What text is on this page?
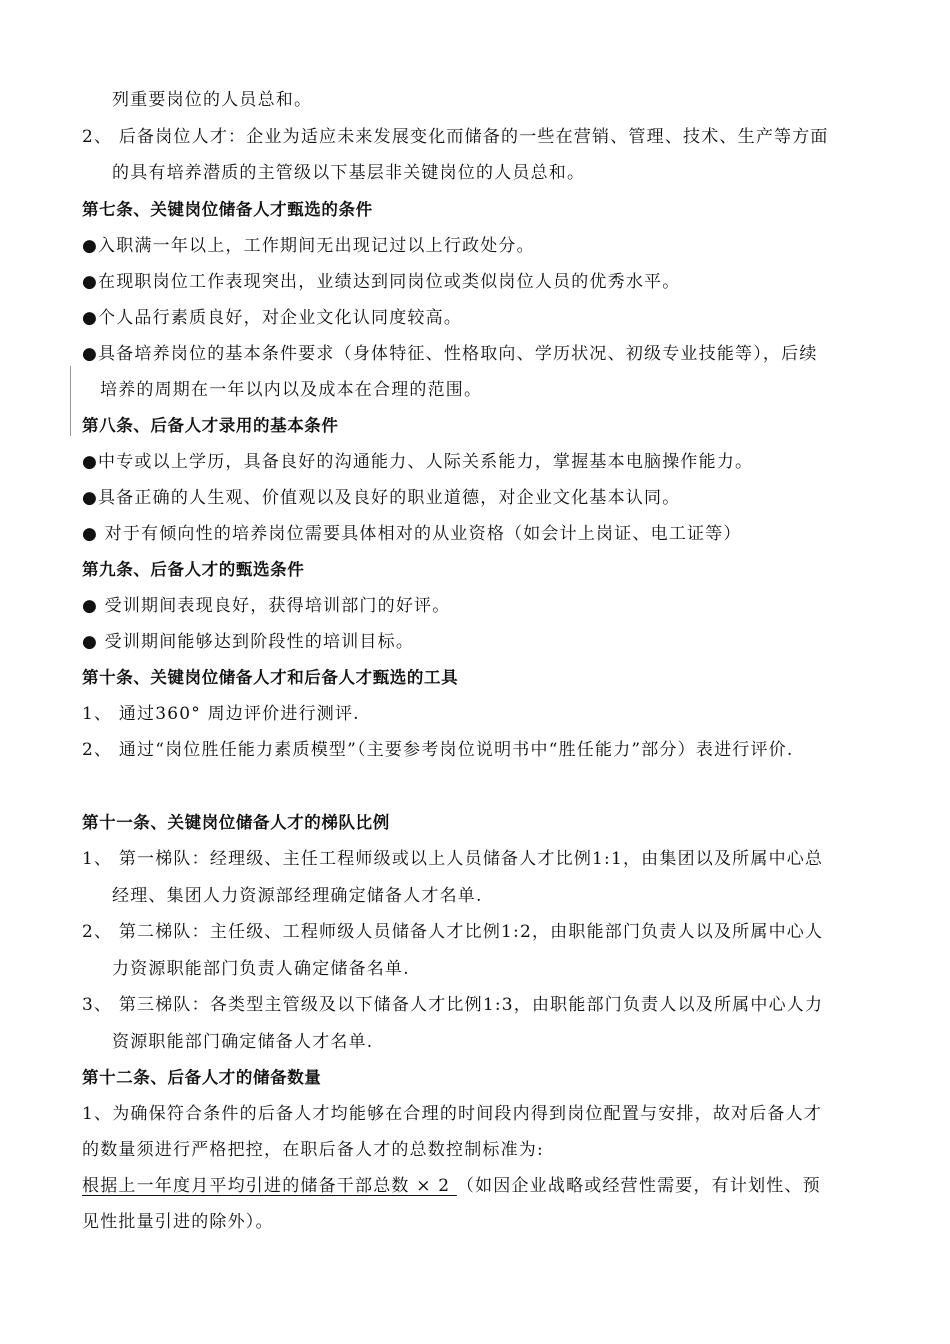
列重要岗位的人员总和。
2、 后备岗位人才：企业为适应未来发展变化而储备的一些在营销、管理、技术、生产等方面
的具有培养潜质的主管级以下基层非关键岗位的人员总和。
第七条、关键岗位储备人才甄选的条件
●入职满一年以上，工作期间无出现记过以上行政处分。
●在现职岗位工作表现突出，业绩达到同岗位或类似岗位人员的优秀水平。
●个人品行素质良好，对企业文化认同度较高。
●具备培养岗位的基本条件要求（身体特征、性格取向、学历状况、初级专业技能等），后续
培养的周期在一年以内以及成本在合理的范围。
第八条、后备人才录用的基本条件
●中专或以上学历，具备良好的沟通能力、人际关系能力，掌握基本电脑操作能力。
●具备正确的人生观、价值观以及良好的职业道德，对企业文化基本认同。
● 对于有倾向性的培养岗位需要具体相对的从业资格（如会计上岗证、电工证等）
第九条、后备人才的甄选条件
● 受训期间表现良好，获得培训部门的好评。
● 受训期间能够达到阶段性的培训目标。
第十条、关键岗位储备人才和后备人才甄选的工具
1、 通过360° 周边评价进行测评.
2、 通过“岗位胜任能力素质模型”（主要参考岗位说明书中“胜任能力”部分）表进行评价.
第十一条、关键岗位储备人才的梯队比例
1、 第一梯队：经理级、主任工程师级或以上人员储备人才比例1:1，由集团以及所属中心总
经理、集团人力资源部经理确定储备人才名单.
2、 第二梯队：主任级、工程师级人员储备人才比例1:2，由职能部门负责人以及所属中心人
力资源职能部门负责人确定储备名单.
3、 第三梯队：各类型主管级及以下储备人才比例1:3，由职能部门负责人以及所属中心人力
资源职能部门确定储备人才名单.
第十二条、后备人才的储备数量
1、为确保符合条件的后备人才均能够在合理的时间段内得到岗位配置与安排，故对后备人才
的数量须进行严格把控，在职后备人才的总数控制标准为:
根据上一年度月平均引进的储备干部总数 × 2 （如因企业战略或经营性需要，有计划性、预
见性批量引进的除外）。
